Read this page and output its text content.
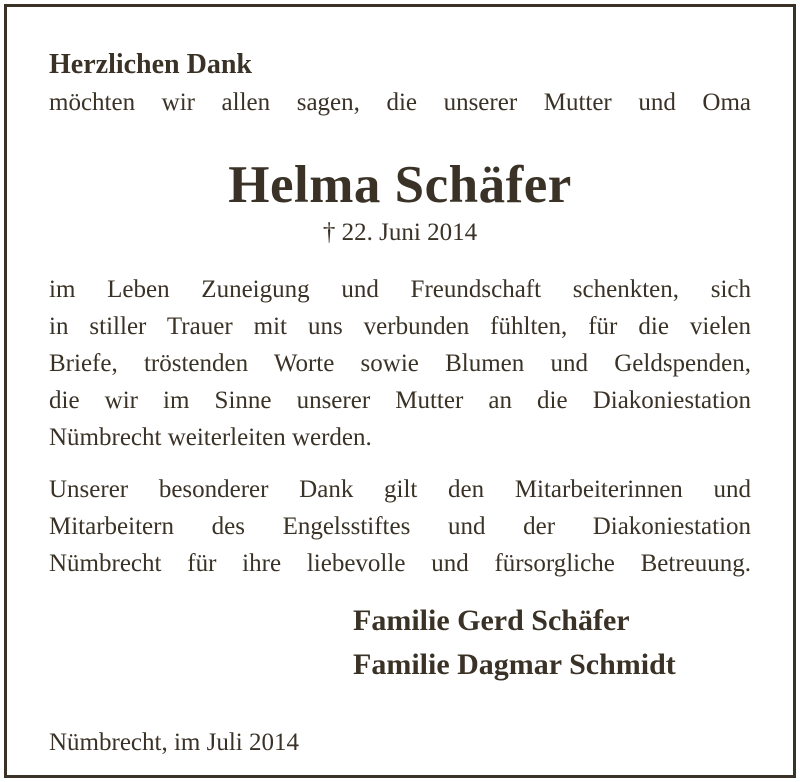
Herzlichen Dank
möchten wir allen sagen, die unserer Mutter und Oma
Helma Schäfer
† 22. Juni 2014
im Leben Zuneigung und Freundschaft schenkten, sich
in stiller Trauer mit uns verbunden fühlten, für die vielen
Briefe, tröstenden Worte sowie Blumen und Geldspenden,
die wir im Sinne unserer Mutter an die Diakoniestation
Nümbrecht weiterleiten werden.
Unserer besonderer Dank gilt den Mitarbeiterinnen und
Mitarbeitern des Engelsstiftes und der Diakoniestation
Nümbrecht für ihre liebevolle und fürsorgliche Betreuung.
Familie Gerd Schäfer
Familie Dagmar Schmidt
Nümbrecht, im Juli 2014
